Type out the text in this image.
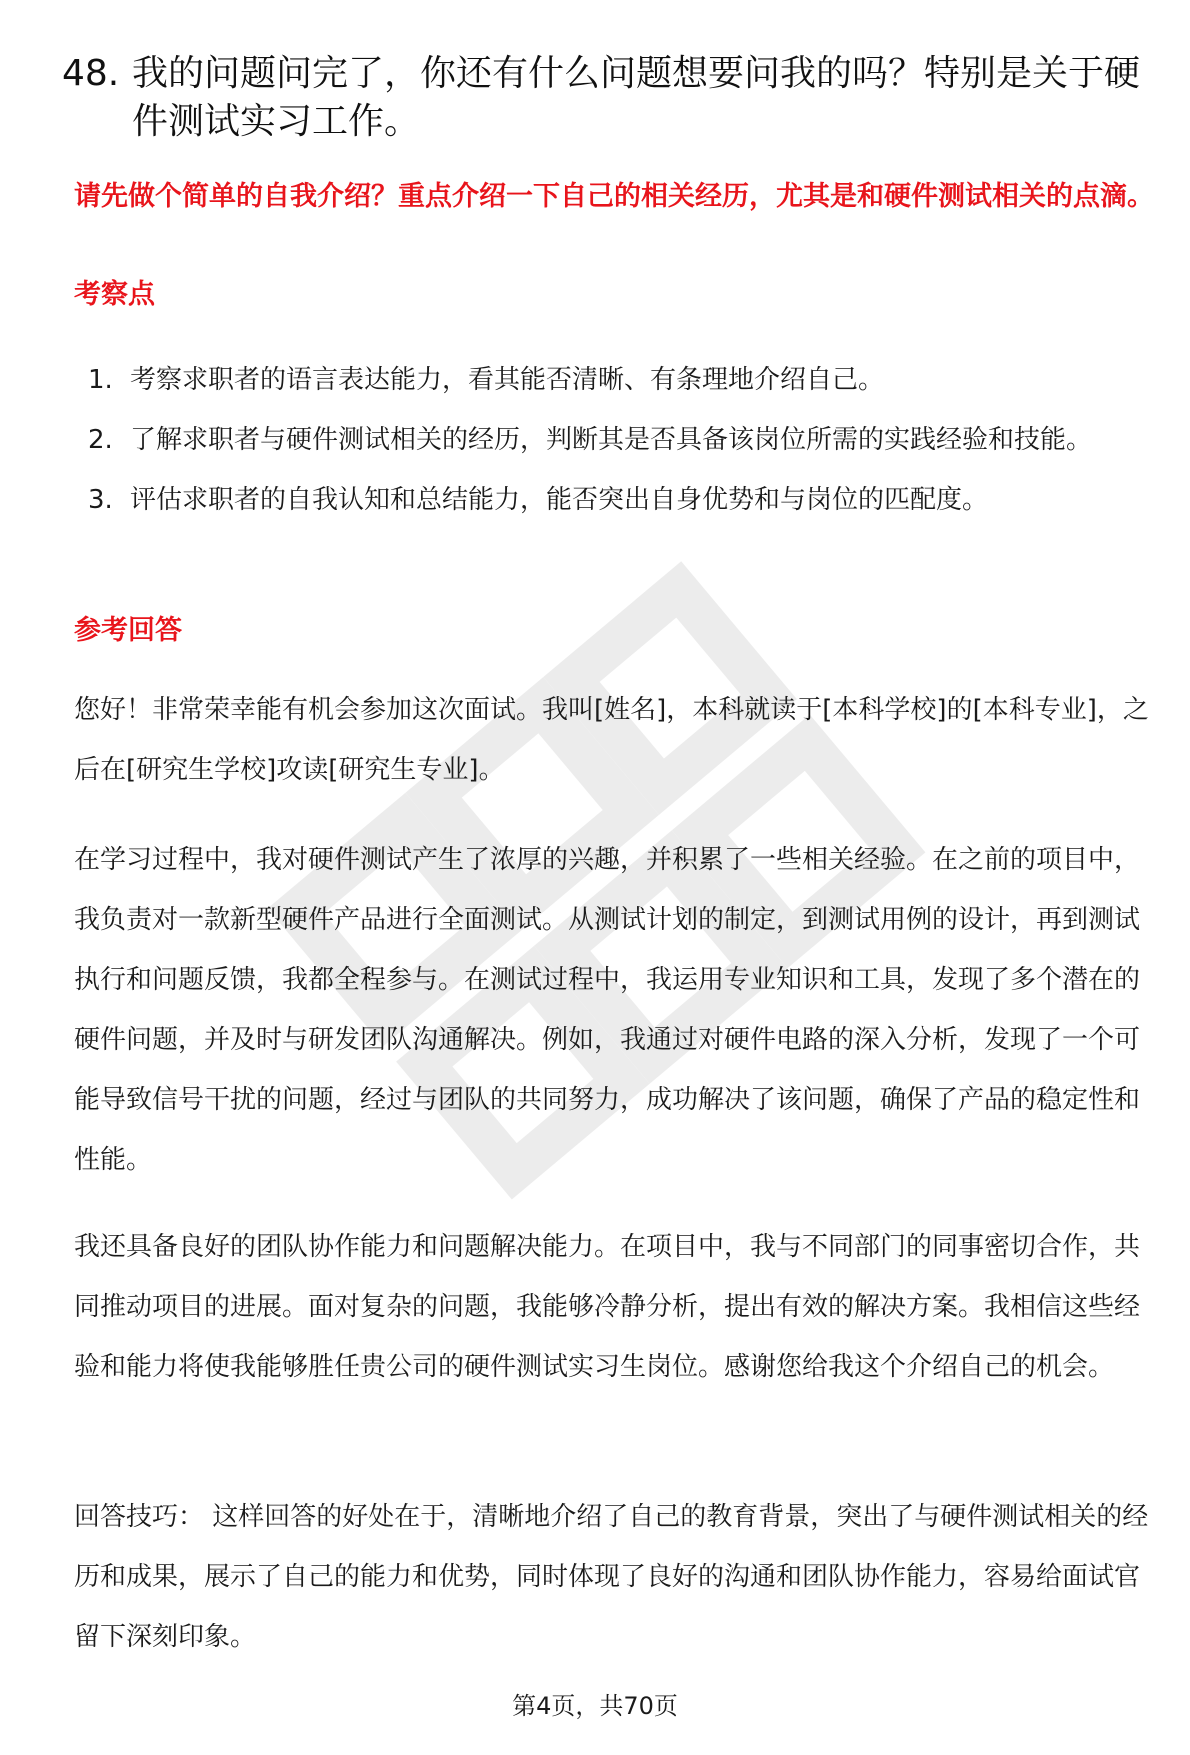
48. 我的问题问完了，你还有什么问题想要问我的吗？特别是关于硬件测试实习工作。
请先做个简单的自我介绍？重点介绍一下自己的相关经历，尤其是和硬件测试相关的点滴。
考察点
1. 考察求职者的语言表达能力，看其能否清晰、有条理地介绍自己。
2. 了解求职者与硬件测试相关的经历，判断其是否具备该岗位所需的实践经验和技能。
3. 评估求职者的自我认知和总结能力，能否突出自身优势和与岗位的匹配度。
参考回答

您好！非常荣幸能有机会参加这次面试。我叫[姓名]，本科就读于[本科学校]的[本科专业]，之后在[研究生学校]攻读[研究生专业]。

在学习过程中，我对硬件测试产生了浓厚的兴趣，并积累了一些相关经验。在之前的项目中，我负责对一款新型硬件产品进行全面测试。从测试计划的制定，到测试用例的设计，再到测试执行和问题反馈，我都全程参与。在测试过程中，我运用专业知识和工具，发现了多个潜在的硬件问题，并及时与研发团队沟通解决。例如，我通过对硬件电路的深入分析，发现了一个可能导致信号干扰的问题，经过与团队的共同努力，成功解决了该问题，确保了产品的稳定性和性能。

我还具备良好的团队协作能力和问题解决能力。在项目中，我与不同部门的同事密切合作，共同推动项目的进展。面对复杂的问题，我能够冷静分析，提出有效的解决方案。我相信这些经验和能力将使我能够胜任贵公司的硬件测试实习生岗位。感谢您给我这个介绍自己的机会。

回答技巧： 这样回答的好处在于，清晰地介绍了自己的教育背景，突出了与硬件测试相关的经历和成果，展示了自己的能力和优势，同时体现了良好的沟通和团队协作能力，容易给面试官留下深刻印象。

第4页，共70页
